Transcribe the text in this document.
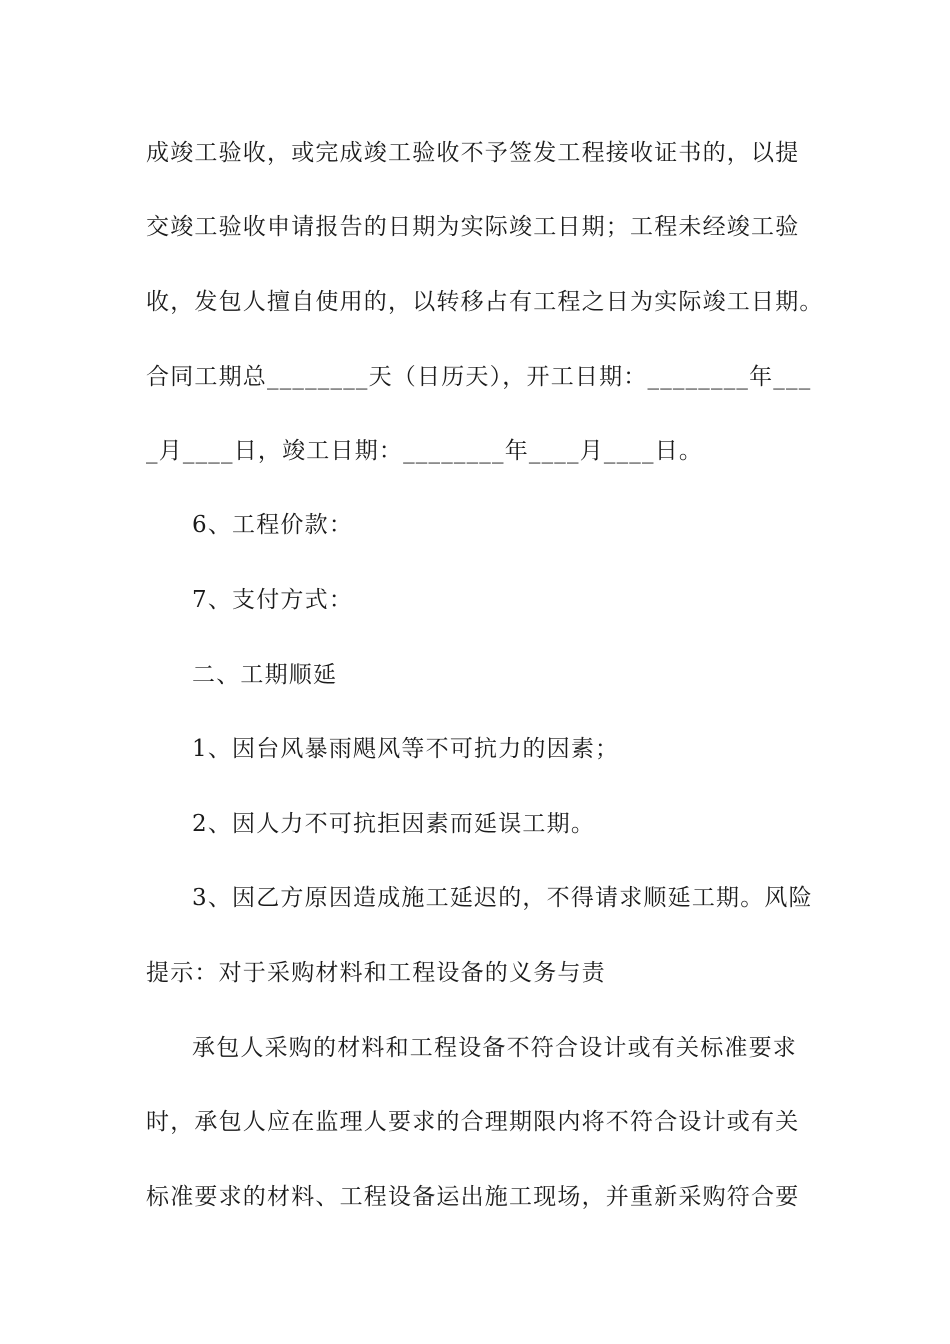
成竣工验收，或完成竣工验收不予签发工程接收证书的，以提
交竣工验收申请报告的日期为实际竣工日期；工程未经竣工验
收，发包人擅自使用的，以转移占有工程之日为实际竣工日期。
合同工期总________天（日历天），开工日期：________年___
_月____日，竣工日期：________年____月____日。
6、工程价款：
7、支付方式：
二、工期顺延
1、因台风暴雨飓风等不可抗力的因素；
2、因人力不可抗拒因素而延误工期。
3、因乙方原因造成施工延迟的，不得请求顺延工期。风险
提示：对于采购材料和工程设备的义务与责
承包人采购的材料和工程设备不符合设计或有关标准要求
时，承包人应在监理人要求的合理期限内将不符合设计或有关
标准要求的材料、工程设备运出施工现场，并重新采购符合要
